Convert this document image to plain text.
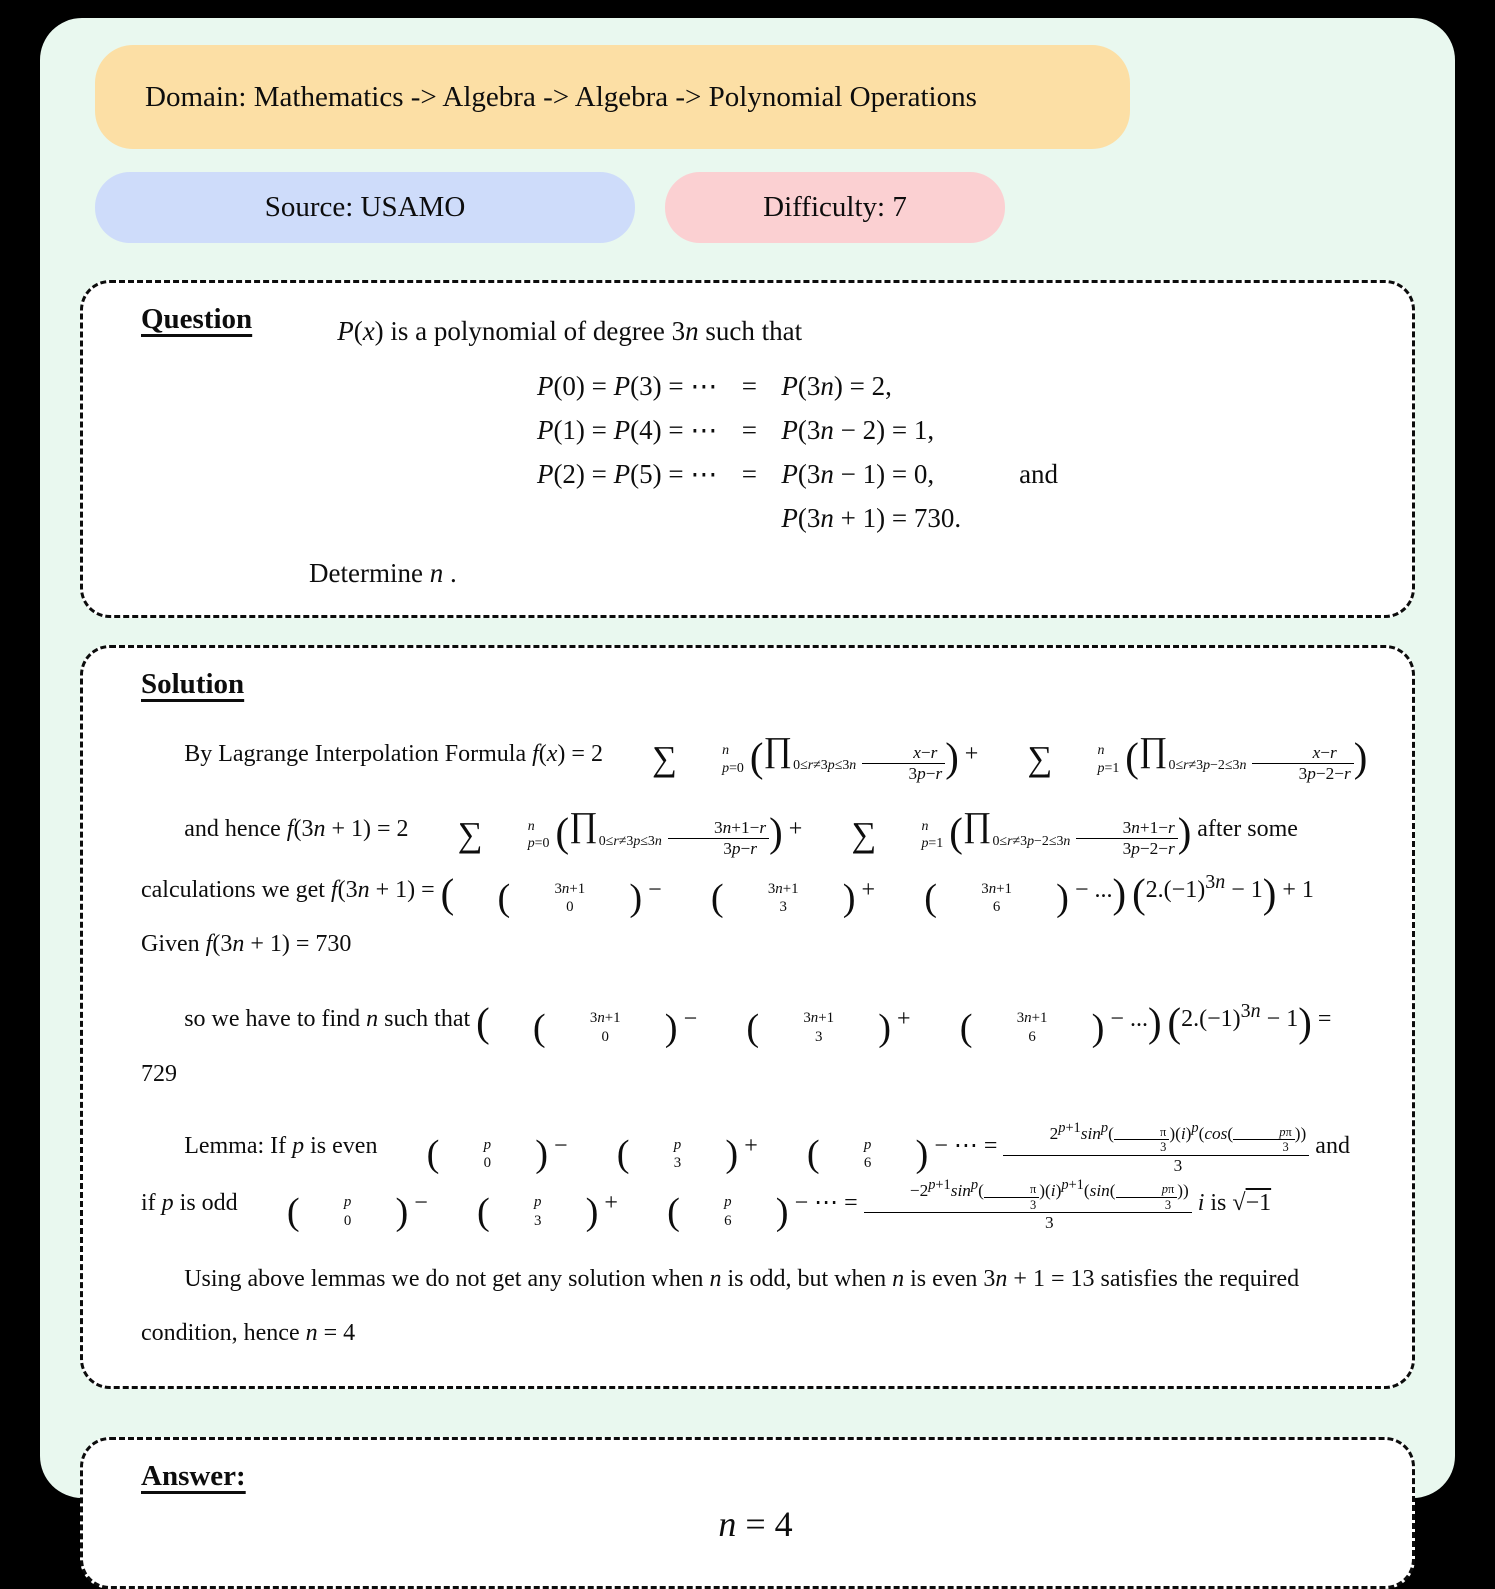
Domain: Mathematics -> Algebra -> Algebra -> Polynomial Operations
Source: USAMO	Difficulty: 7
Question	P(x) is a polynomial of degree 3n such that
P(0) = P(3) = ⋯ = P(3n) = 2,
P(1) = P(4) = ⋯ = P(3n − 2) = 1,
P(2) = P(5) = ⋯ = P(3n − 1) = 0,	and
P(3n + 1) = 730.
Determine n .
Solution

By Lagrange Interpolation Formula f(x) = 2	∑	n
p=0 ($\prod_{0\le r\ne 3p\le 3n} \frac{x-r}{3p-r}$ ) +	∑	n
p=1 ($\prod_{0\le r\ne 3p-2\le 3n} \frac{x-r}{3p-2-r}$ )

and hence f(3n + 1) = 2	∑	n
p=0 ($\prod_{0\le r\ne 3p\le 3n} \frac{3n+1-r}{3p-r}$ ) +	∑	n
p=1 ($\prod_{0\le r\ne 3p-2\le 3n} \frac{3n+1-r}{3p-2-r}$ ) after some calculations we get f(3n + 1) = (	(	3n+1
0	) −	(	3n+1
3	) +	(	3n+1
6	) − ...) $(2.(-1)^{3n} - 1) + 1$ Given f(3n + 1) = 730

so we have to find n such that (	(	3n+1
0	) −	(	3n+1
3	) +	(	3n+1
6	) − ...) $(2.(-1)^{3n} - 1) = 729$

Lemma: If p is even	(	p
0	) −	(	p
3	) +	(	p
6	) − ⋯ = $\frac{2^{p+1}\sin^p( \frac{\pi}{3} )(i)^p(\cos( \frac{p\pi}{3} ))}{3}$ and if p is odd	(	p
0	) −	(	p
3	) +	(	p
6	) − ⋯ = $\frac{-2^{p+1}\sin^p( \frac{\pi}{3} )(i)^{p+1}(\sin( \frac{p\pi}{3} ))}{3}$ i is √−1

Using above lemmas we do not get any solution when n is odd, but when n is even 3n + 1 = 13 satisfies the required condition, hence n = 4

Answer:
n = 4
